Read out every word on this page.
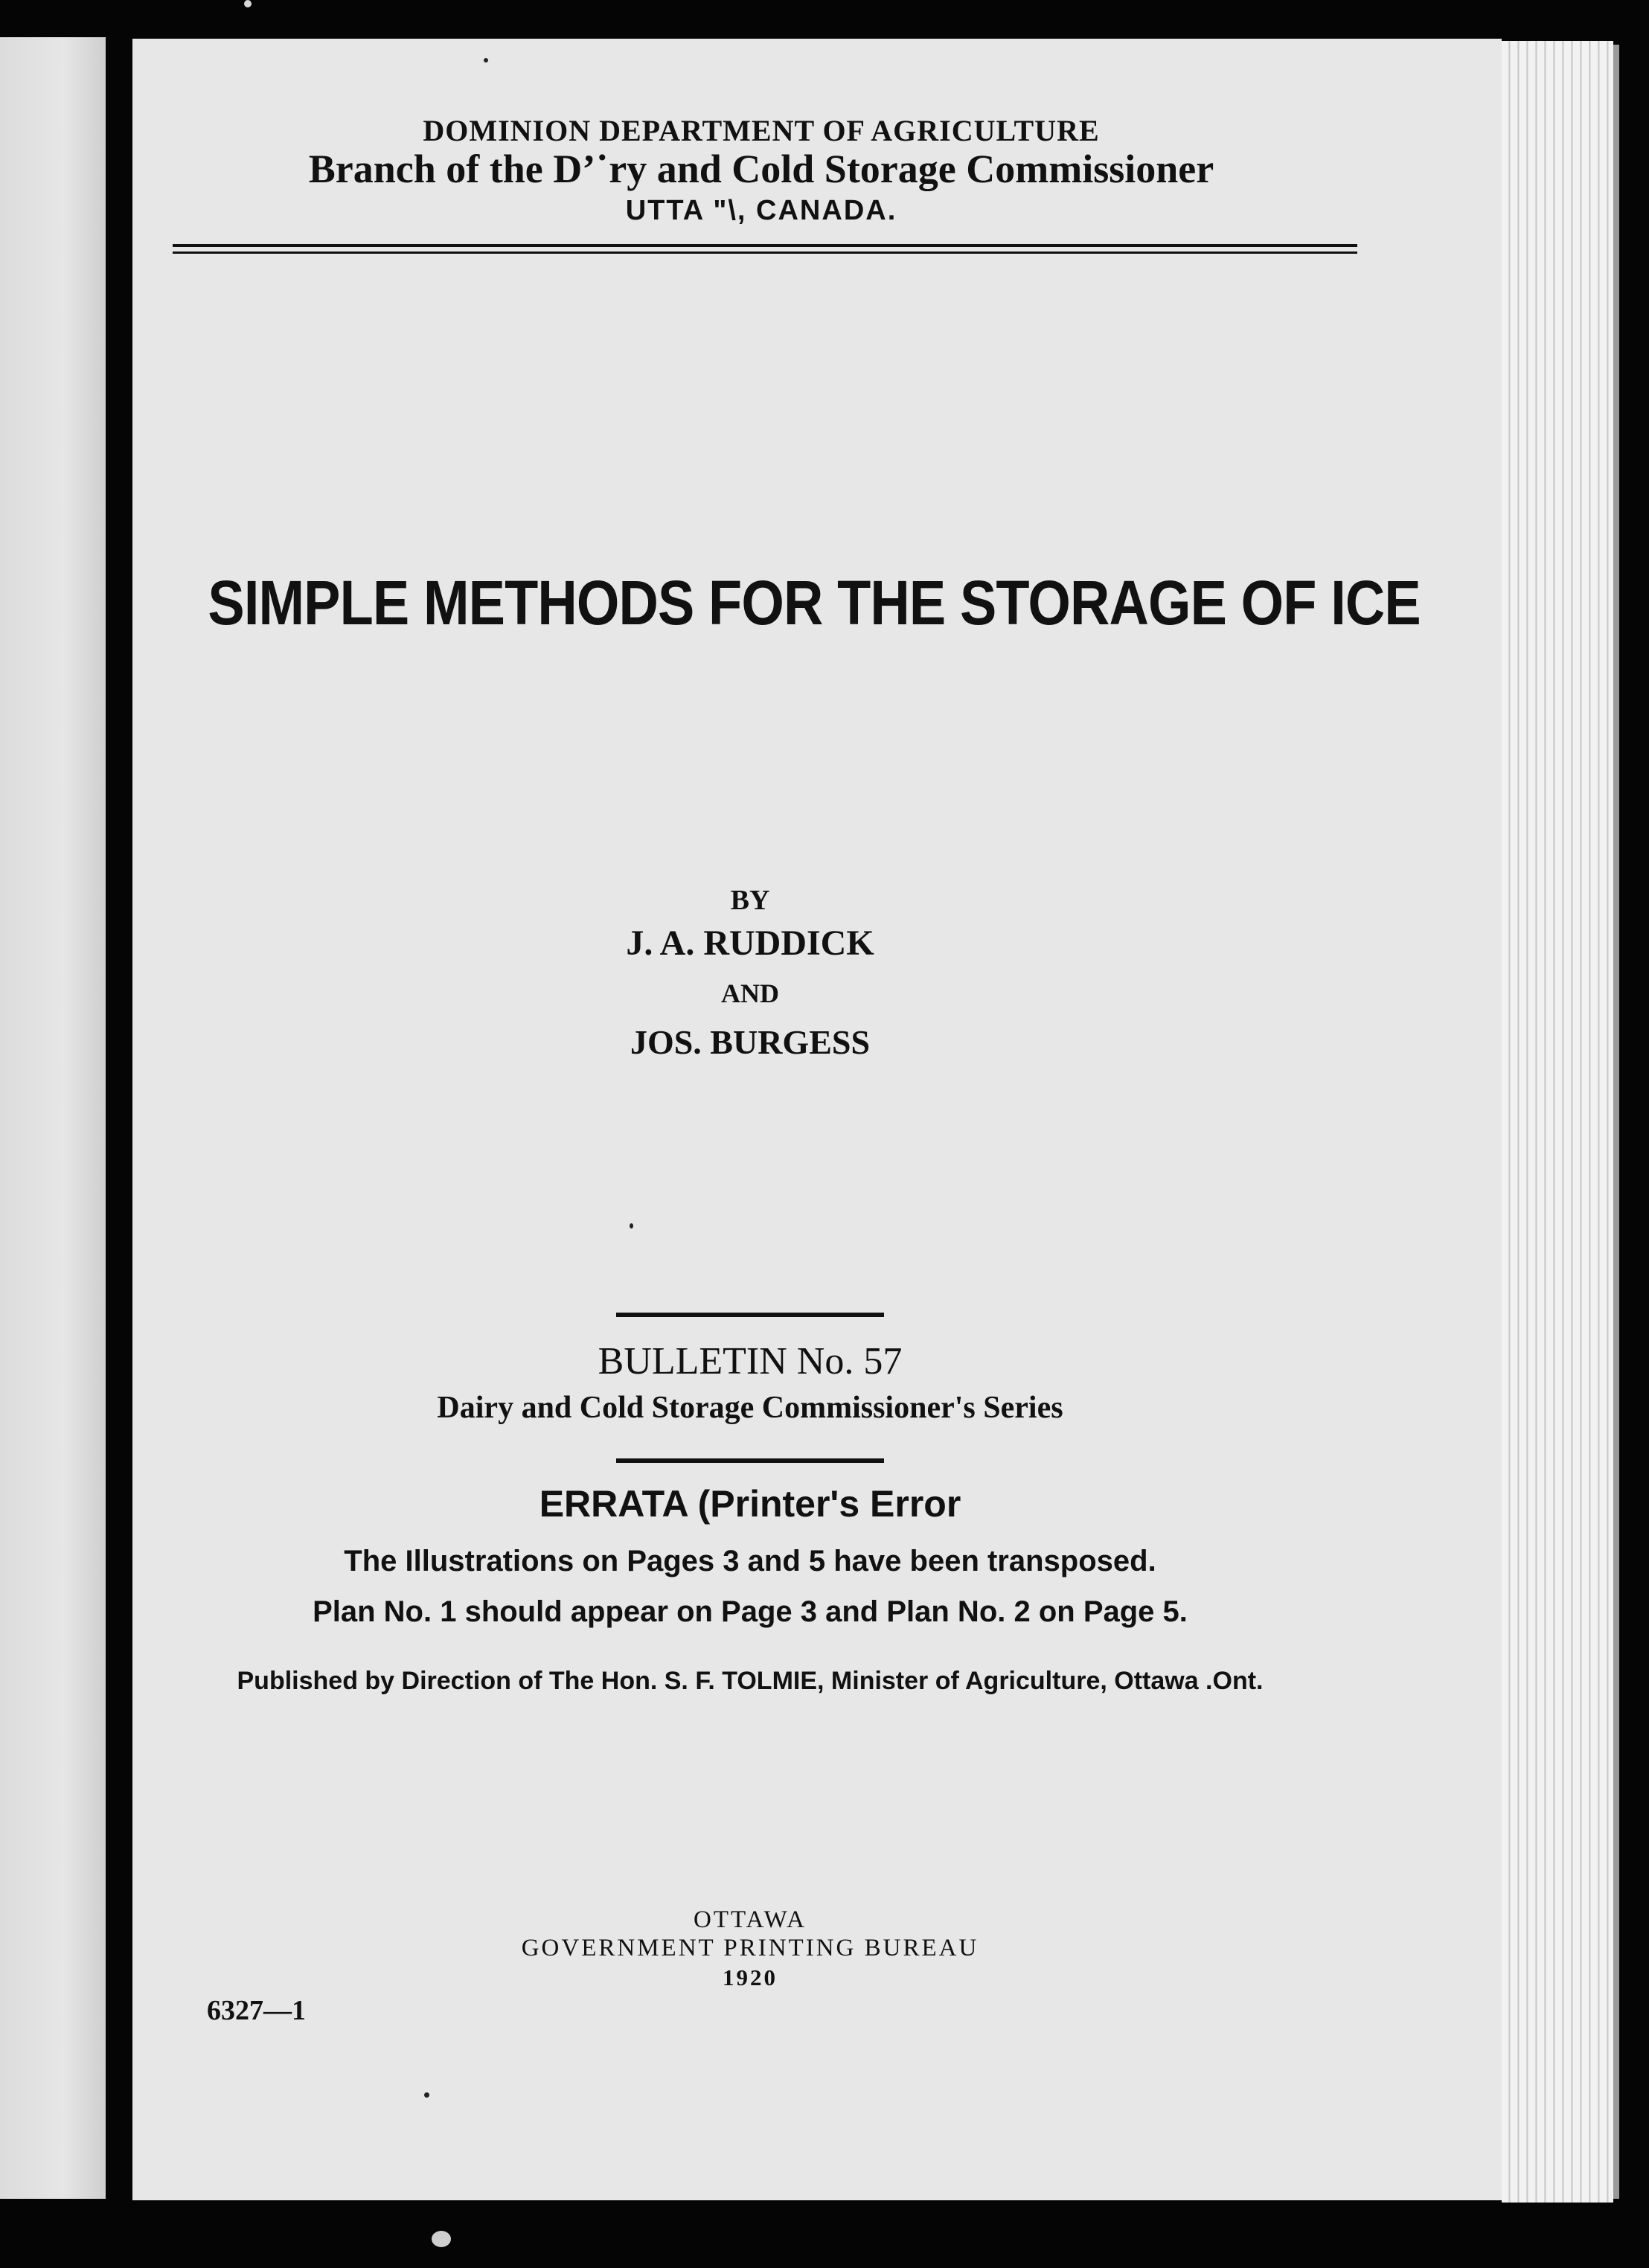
DOMINION DEPARTMENT OF AGRICULTURE
Branch of the D’˙ry and Cold Storage Commissioner
UTTA "\, CANADA.
SIMPLE METHODS FOR THE STORAGE OF ICE
BY
J. A. RUDDICK
AND
JOS. BURGESS
BULLETIN No. 57
Dairy and Cold Storage Commissioner's Series
ERRATA (Printer's Error
The Illustrations on Pages 3 and 5 have been transposed.
Plan No. 1 should appear on Page 3 and Plan No. 2 on Page 5.
Published by Direction of The Hon. S. F. TOLMIE, Minister of Agriculture, Ottawa .Ont.
OTTAWA
GOVERNMENT PRINTING BUREAU
1920
6327—1
